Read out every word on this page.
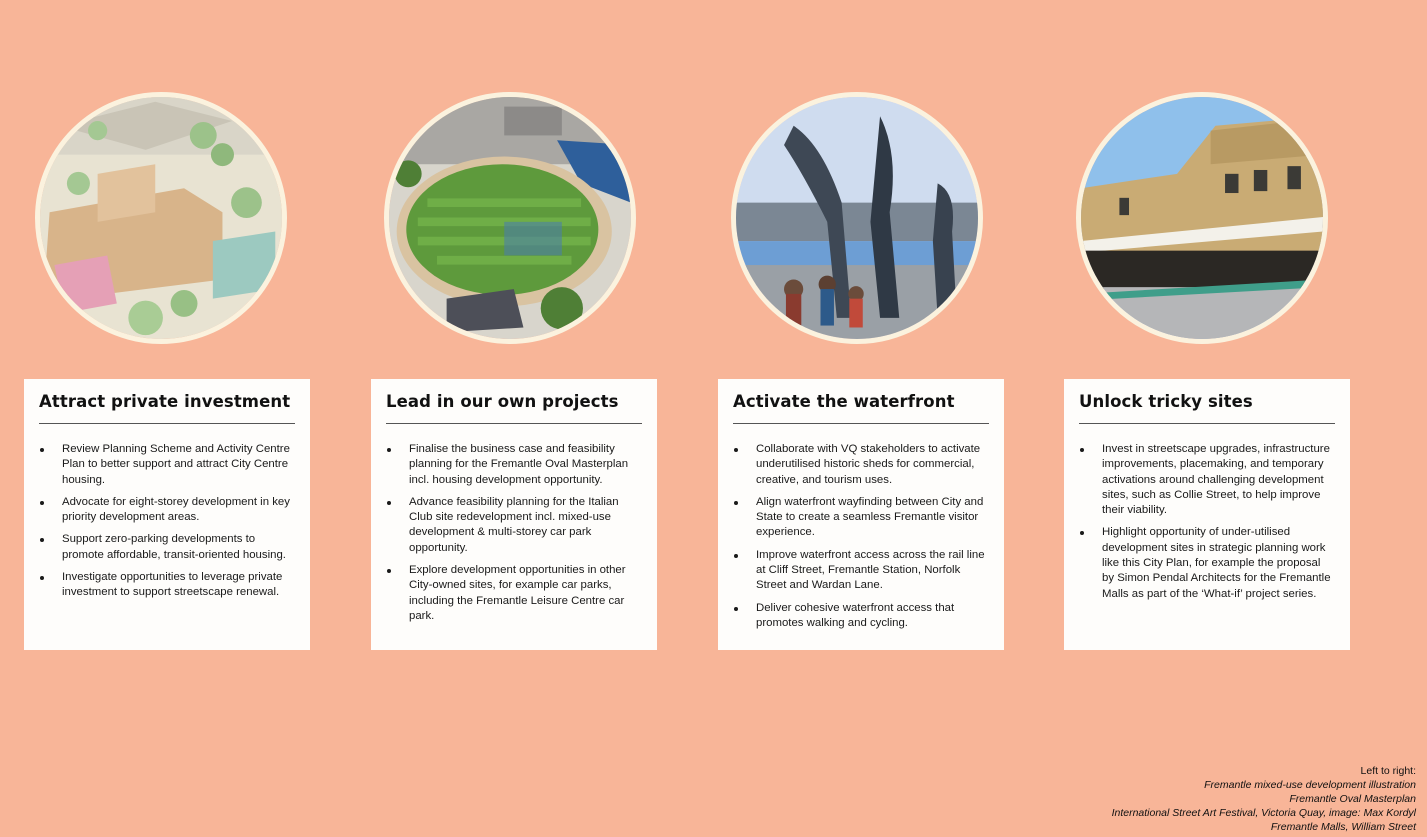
Attract private investment
Review Planning Scheme and Activity Centre Plan to better support and attract City Centre housing.
Advocate for eight-storey development in key priority development areas.
Support zero-parking developments to promote affordable, transit-oriented housing.
Investigate opportunities to leverage private investment to support streetscape renewal.
Lead in our own projects
Finalise the business case and feasibility planning for the Fremantle Oval Masterplan incl. housing development opportunity.
Advance feasibility planning for the Italian Club site redevelopment incl. mixed-use development & multi-storey car park opportunity.
Explore development opportunities in other City-owned sites, for example car parks, including the Fremantle Leisure Centre car park.
Activate the waterfront
Collaborate with VQ stakeholders to activate underutilised historic sheds for commercial, creative, and tourism uses.
Align waterfront wayfinding between City and State to create a seamless Fremantle visitor experience.
Improve waterfront access across the rail line at Cliff Street, Fremantle Station, Norfolk Street and Wardan Lane.
Deliver cohesive waterfront access that promotes walking and cycling.
Unlock tricky sites
Invest in streetscape upgrades, infrastructure improvements, placemaking, and temporary activations around challenging development sites, such as Collie Street, to help improve their viability.
Highlight opportunity of under-utilised development sites in strategic planning work like this City Plan, for example the proposal by Simon Pendal Architects for the Fremantle Malls as part of the ‘What-if’ project series.
Left to right:
Fremantle mixed-use development illustration
Fremantle Oval Masterplan
International Street Art Festival, Victoria Quay, image: Max Kordyl
Fremantle Malls, William Street
